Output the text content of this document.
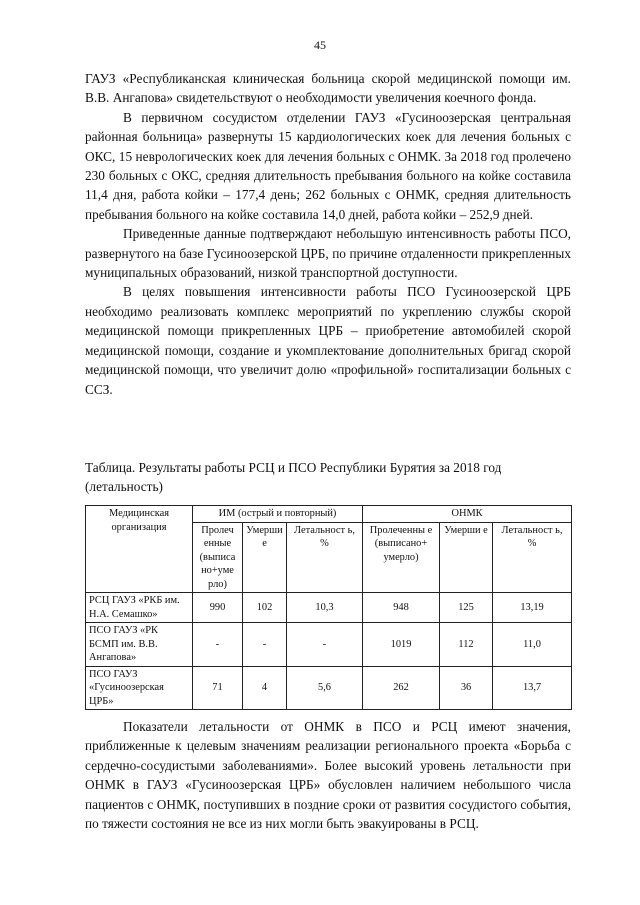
45

ГАУЗ «Республиканская клиническая больница скорой медицинской помощи им. В.В. Ангапова» свидетельствуют о необходимости увеличения коечного фонда.

В первичном сосудистом отделении ГАУЗ «Гусиноозерская центральная районная больница» развернуты 15 кардиологических коек для лечения больных с ОКС, 15 неврологических коек для лечения больных с ОНМК. За 2018 год пролечено 230 больных с ОКС, средняя длительность пребывания больного на койке составила 11,4 дня, работа койки – 177,4 день; 262 больных с ОНМК, средняя длительность пребывания больного на койке составила 14,0 дней, работа койки – 252,9 дней.

Приведенные данные подтверждают небольшую интенсивность работы ПСО, развернутого на базе Гусиноозерской ЦРБ, по причине отдаленности прикрепленных муниципальных образований, низкой транспортной доступности.

В целях повышения интенсивности работы ПСО Гусиноозерской ЦРБ необходимо реализовать комплекс мероприятий по укреплению службы скорой медицинской помощи прикрепленных ЦРБ – приобретение автомобилей скорой медицинской помощи, создание и укомплектование дополнительных бригад скорой медицинской помощи, что увеличит долю «профильной» госпитализации больных с ССЗ.

Таблица. Результаты работы РСЦ и ПСО Республики Бурятия за 2018 год (летальность)
Медицинская организация	ИМ (острый и повторный)			ОНМК		
	Пролеч енные (выписа но+уме рло)	Умерши е	Летальност ь, %	Пролеченны е (выписано+ умерло)	Умерши е	Летальност ь, %
РСЦ ГАУЗ «РКБ им. Н.А. Семашко»	990	102	10,3	948	125	13,19
ПСО ГАУЗ «РК БСМП им. В.В. Ангапова»	-	-	-	1019	112	11,0
ПСО ГАУЗ «Гусиноозерская ЦРБ»	71	4	5,6	262	36	13,7

Показатели летальности от ОНМК в ПСО и РСЦ имеют значения, приближенные к целевым значениям реализации регионального проекта «Борьба с сердечно-сосудистыми заболеваниями». Более высокий уровень летальности при ОНМК в ГАУЗ «Гусиноозерская ЦРБ» обусловлен наличием небольшого числа пациентов с ОНМК, поступивших в поздние сроки от развития сосудистого события, по тяжести состояния не все из них могли быть эвакуированы в РСЦ.
